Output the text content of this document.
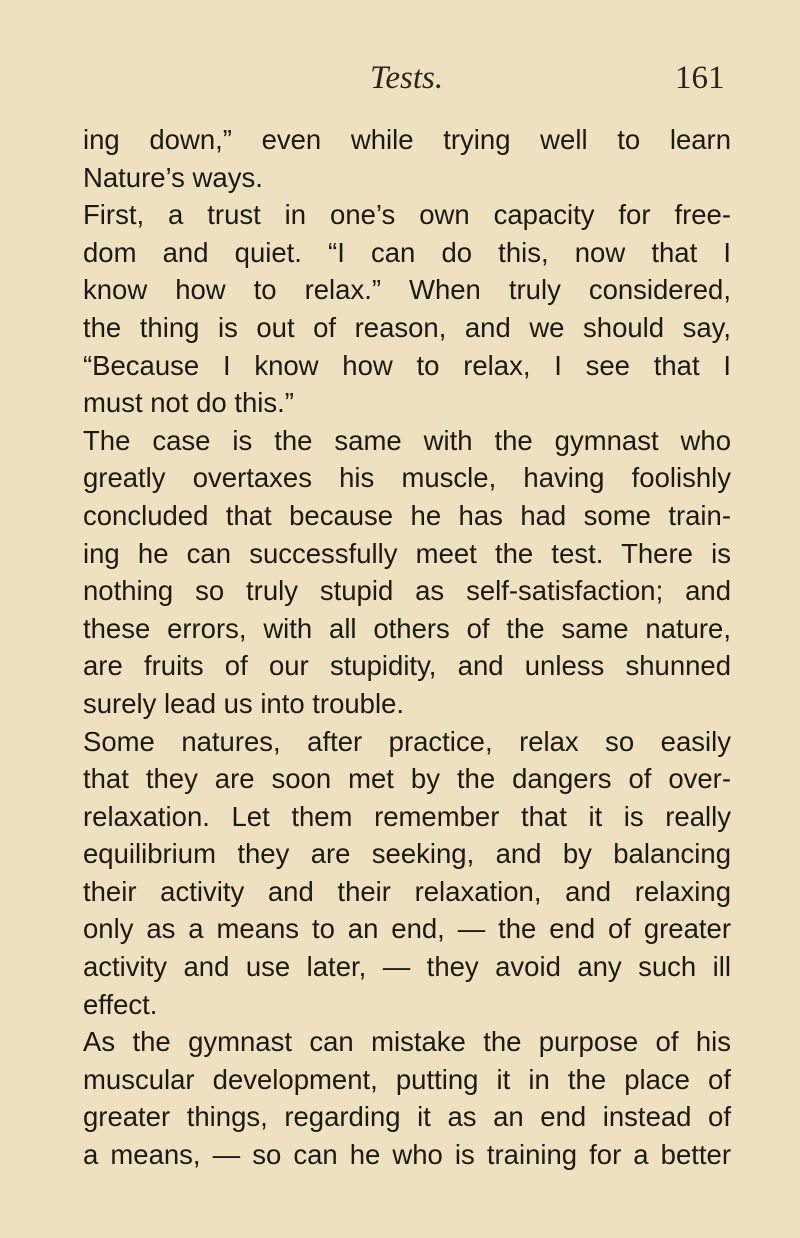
Tests.	161
ing down,” even while trying well to learn
Nature’s ways.
First, a trust in one’s own capacity for free-
dom and quiet. “I can do this, now that I
know how to relax.” When truly considered,
the thing is out of reason, and we should say,
“Because I know how to relax, I see that I
must not do this.”
The case is the same with the gymnast who
greatly overtaxes his muscle, having foolishly
concluded that because he has had some train-
ing he can successfully meet the test. There is
nothing so truly stupid as self-satisfaction; and
these errors, with all others of the same nature,
are fruits of our stupidity, and unless shunned
surely lead us into trouble.
Some natures, after practice, relax so easily
that they are soon met by the dangers of over-
relaxation. Let them remember that it is really
equilibrium they are seeking, and by balancing
their activity and their relaxation, and relaxing
only as a means to an end, — the end of greater
activity and use later, — they avoid any such ill
effect.
As the gymnast can mistake the purpose of his
muscular development, putting it in the place of
greater things, regarding it as an end instead of
a means, — so can he who is training for a better
